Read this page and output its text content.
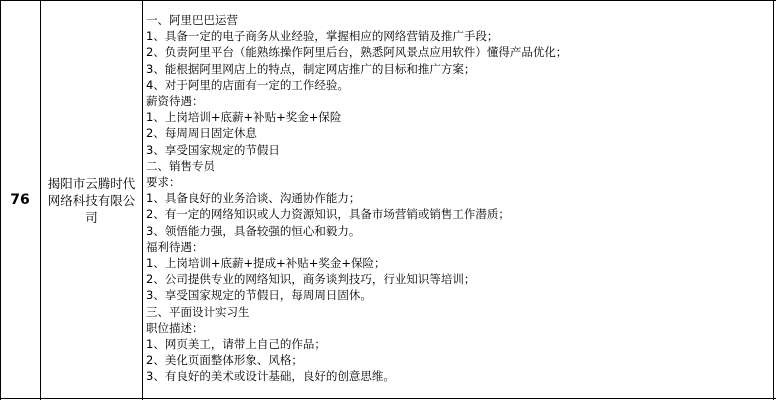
76
揭阳市云腾时代网络科技有限公司
一、阿里巴巴运营
1、具备一定的电子商务从业经验，掌握相应的网络营销及推广手段；
2、负责阿里平台（能熟练操作阿里后台，熟悉阿风景点应用软件）懂得产品优化；
3、能根据阿里网店上的特点，制定网店推广的目标和推广方案；
4、对于阿里的店面有一定的工作经验。
薪资待遇：
1、上岗培训+底薪+补贴+奖金+保险
2、每周周日固定休息
3、享受国家规定的节假日
二、销售专员
要求：
1、具备良好的业务洽谈、沟通协作能力；
2、有一定的网络知识或人力资源知识，具备市场营销或销售工作潜质；
3、领悟能力强，具备较强的恒心和毅力。
福利待遇：
1、上岗培训+底薪+提成+补贴+奖金+保险；
2、公司提供专业的网络知识，商务谈判技巧，行业知识等培训；
3、享受国家规定的节假日，每周周日固休。
三、平面设计实习生
职位描述：
1、网页美工，请带上自己的作品；
2、美化页面整体形象、风格；
3、有良好的美术或设计基础，良好的创意思维。
